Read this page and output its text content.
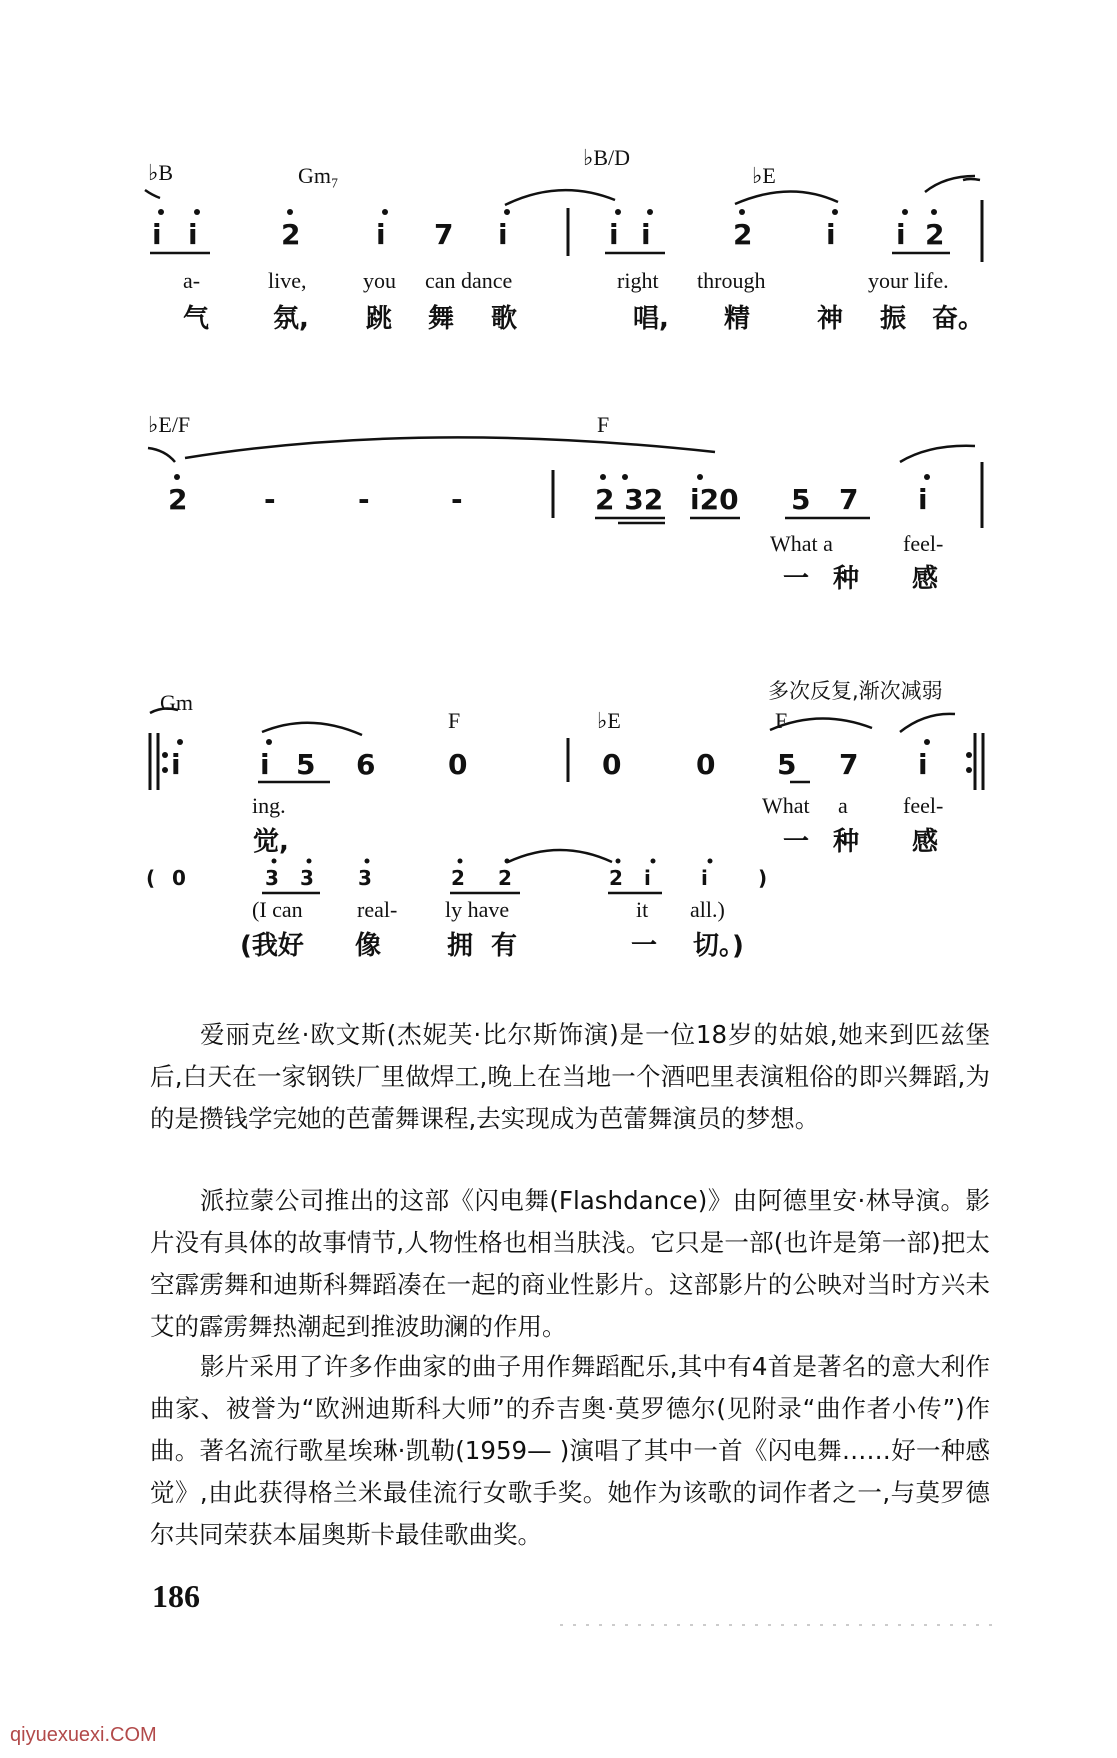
♭B	Gm₇
♭B/D
♭E
i i	2	i 7 i	i i	2	i i 2
a-	live,	you can dance	right through	your life.
气 氛, 跳 舞 歌	唱, 精	神 振 奋。
♭E/F	F
2	-	-	-	2 32 i20 5 7 i
What a	feel-
一 种 感
多次反复,渐次减弱
Gm
F	♭E	F
i	i 5 6	0	0	0 5 7 i
ing.	What a	feel-
觉,	一 种 感
( 0	3 3 3	2 2	2 i	i	)
(I can real- ly have	it all.)
(我好 像	拥 有	一 切。)
爱丽克丝·欧文斯(杰妮芙·比尔斯饰演)是一位18岁的姑娘,她来到匹兹堡后,白天在一家钢铁厂里做焊工,晚上在当地一个酒吧里表演粗俗的即兴舞蹈,为的是攒钱学完她的芭蕾舞课程,去实现成为芭蕾舞演员的梦想。
派拉蒙公司推出的这部《闪电舞(Flashdance)》由阿德里安·林导演。影片没有具体的故事情节,人物性格也相当肤浅。它只是一部(也许是第一部)把太空霹雳舞和迪斯科舞蹈凑在一起的商业性影片。这部影片的公映对当时方兴未艾的霹雳舞热潮起到推波助澜的作用。
影片采用了许多作曲家的曲子用作舞蹈配乐,其中有4首是著名的意大利作曲家、被誉为“欧洲迪斯科大师”的乔吉奥·莫罗德尔(见附录“曲作者小传”)作曲。著名流行歌星埃琳·凯勒(1959— )演唱了其中一首《闪电舞……好一种感觉》,由此获得格兰米最佳流行女歌手奖。她作为该歌的词作者之一,与莫罗德尔共同荣获本届奥斯卡最佳歌曲奖。
186
qiyuexuexi.COM
